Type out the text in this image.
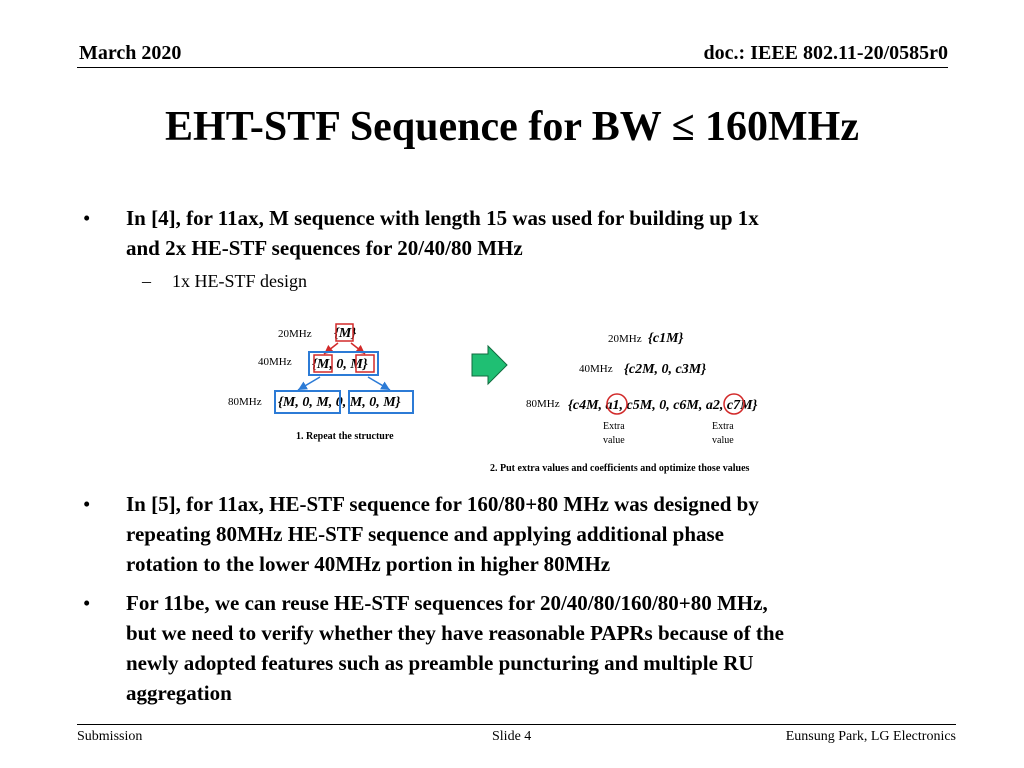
March 2020	doc.: IEEE 802.11-20/0585r0
EHT-STF Sequence for BW ≤ 160MHz
• In [4], for 11ax, M sequence with length 15 was used for building up 1x
and 2x HE-STF sequences for 20/40/80 MHz
– 1x HE-STF design
20MHz
40MHz
80MHz
{M}
{M, 0, M}
{M, 0, M, 0, M, 0, M}
1. Repeat the structure
20MHz
40MHz
80MHz
{c1M}
{c2M, 0, c3M}
{c4M, a1, c5M, 0, c6M, a2, c7M}
Extra
value
Extra
value
2. Put extra values and coefficients and optimize those values
• In [5], for 11ax, HE-STF sequence for 160/80+80 MHz was designed by
repeating 80MHz HE-STF sequence and applying additional phase
rotation to the lower 40MHz portion in higher 80MHz
• For 11be, we can reuse HE-STF sequences for 20/40/80/160/80+80 MHz,
but we need to verify whether they have reasonable PAPRs because of the
newly adopted features such as preamble puncturing and multiple RU
aggregation
Submission	Slide 4	Eunsung Park, LG Electronics
